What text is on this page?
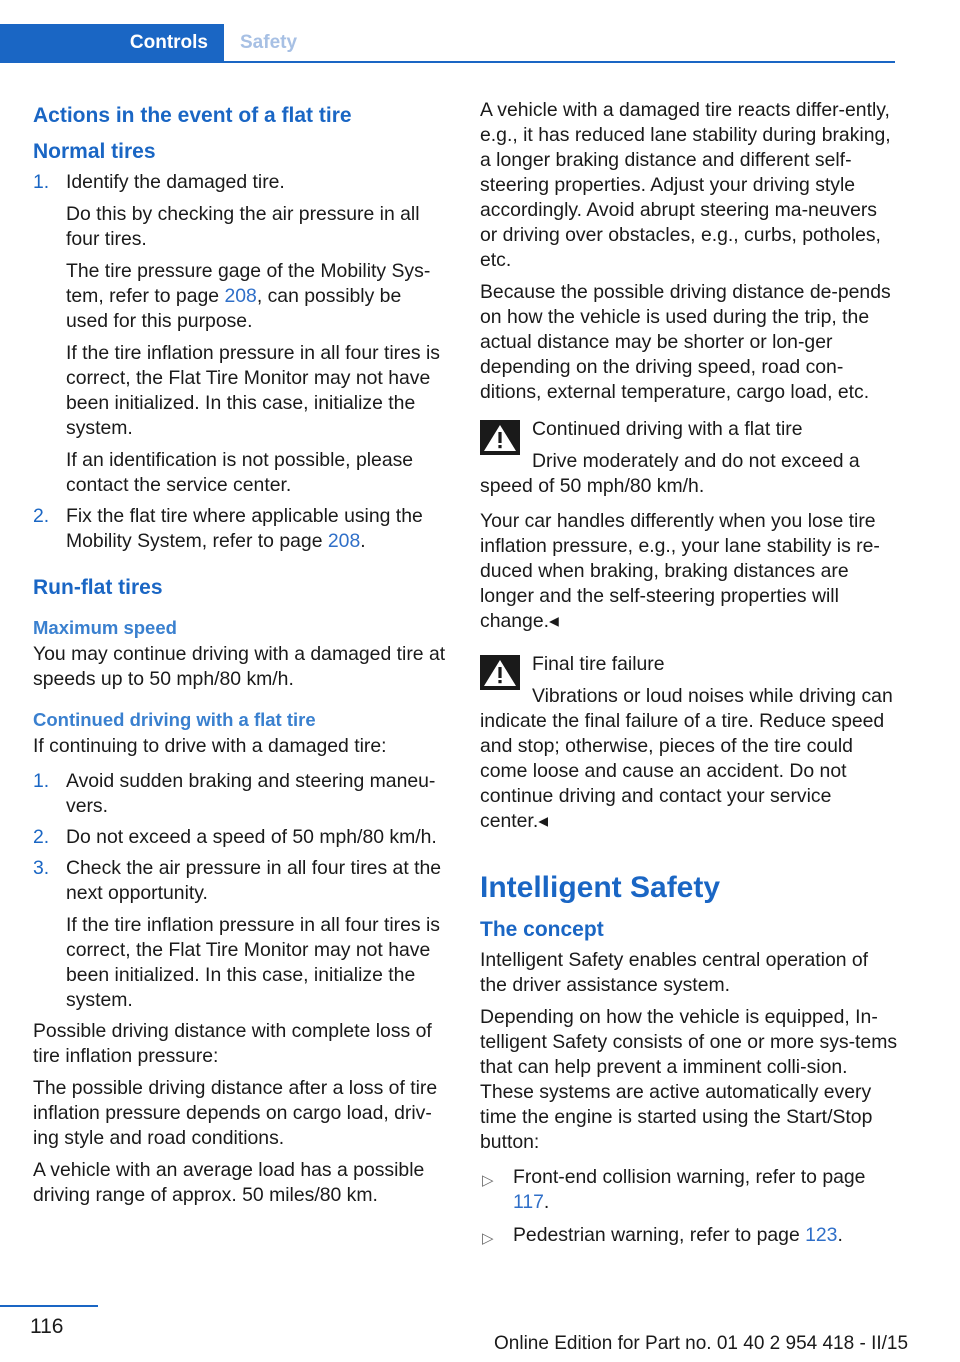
Controls	Safety
Actions in the event of a flat tire
Normal tires
1. Identify the damaged tire.

Do this by checking the air pressure in all four tires.

The tire pressure gage of the Mobility Sys‐tem, refer to page 208, can possibly be used for this purpose.

If the tire inflation pressure in all four tires is correct, the Flat Tire Monitor may not have been initialized. In this case, initialize the system.

If an identification is not possible, please contact the service center.

2. Fix the flat tire where applicable using the Mobility System, refer to page 208.
Run-flat tires
Maximum speed

You may continue driving with a damaged tire at speeds up to 50 mph/80 km/h.

Continued driving with a flat tire

If continuing to drive with a damaged tire:

1. Avoid sudden braking and steering maneu‐vers.
2. Do not exceed a speed of 50 mph/80 km/h.
3. Check the air pressure in all four tires at the next opportunity.
If the tire inflation pressure in all four tires is correct, the Flat Tire Monitor may not have been initialized. In this case, initialize the system.

Possible driving distance with complete loss of tire inflation pressure:

The possible driving distance after a loss of tire inflation pressure depends on cargo load, driv‐ing style and road conditions.

A vehicle with an average load has a possible driving range of approx. 50 miles/80 km.

A vehicle with a damaged tire reacts differ‐ently, e.g., it has reduced lane stability during braking, a longer braking distance and different self-steering properties. Adjust your driving style accordingly. Avoid abrupt steering ma‐neuvers or driving over obstacles, e.g., curbs, potholes, etc.

Because the possible driving distance de‐pends on how the vehicle is used during the trip, the actual distance may be shorter or lon‐ger depending on the driving speed, road con‐ditions, external temperature, cargo load, etc.

Continued driving with a flat tire
Drive moderately and do not exceed a speed of 50 mph/80 km/h.

Your car handles differently when you lose tire inflation pressure, e.g., your lane stability is re‐duced when braking, braking distances are longer and the self-steering properties will change.◂

Final tire failure
Vibrations or loud noises while driving can indicate the final failure of a tire. Reduce speed and stop; otherwise, pieces of the tire could come loose and cause an accident. Do not continue driving and contact your service center.◂
Intelligent Safety
The concept

Intelligent Safety enables central operation of the driver assistance system.

Depending on how the vehicle is equipped, In‐telligent Safety consists of one or more sys‐tems that can help prevent a imminent colli‐sion. These systems are active automatically every time the engine is started using the Start/Stop button:

▷ Front-end collision warning, refer to page 117.
▷ Pedestrian warning, refer to page 123.
116
Online Edition for Part no. 01 40 2 954 418 - II/15
